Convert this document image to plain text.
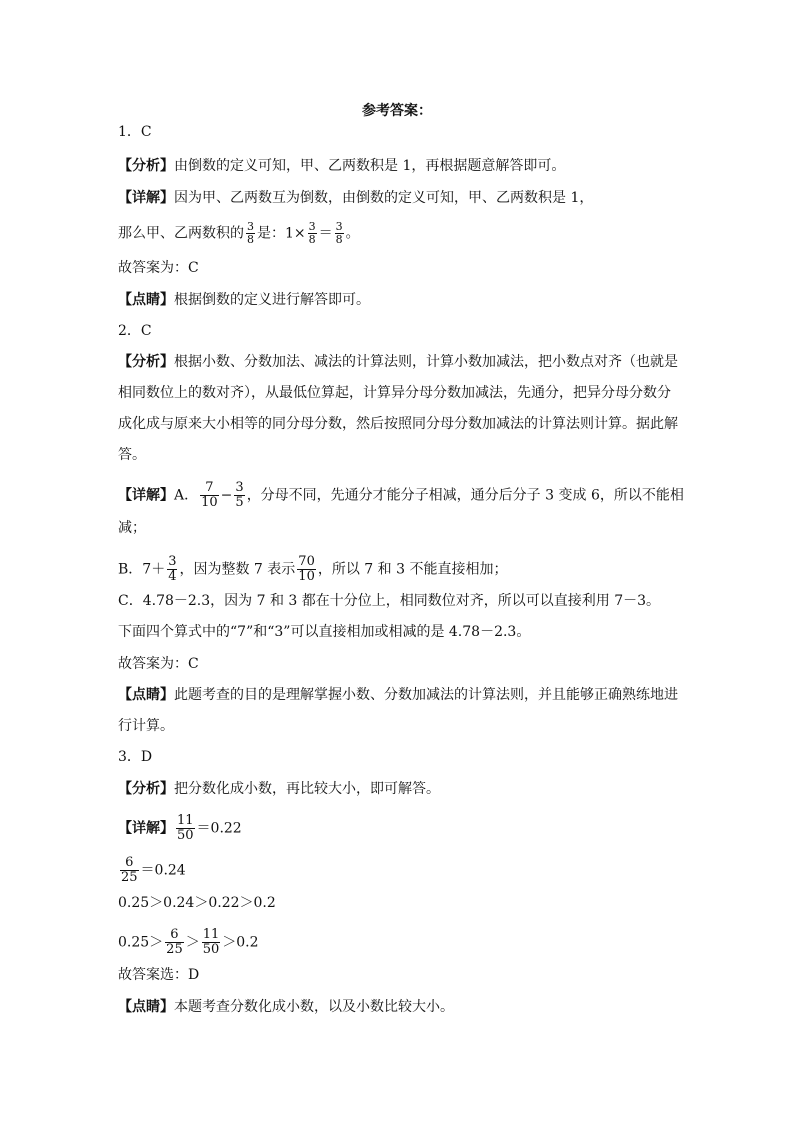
参考答案：
1．C
【分析】由倒数的定义可知，甲、乙两数积是 1，再根据题意解答即可。
【详解】因为甲、乙两数互为倒数，由倒数的定义可知，甲、乙两数积是 1，
那么甲、乙两数积的 $\frac{3}{8}$ 是：$1\times \frac{3}{8} = \frac{3}{8}$ 。
故答案为：C
【点睛】根据倒数的定义进行解答即可。
2．C
【分析】根据小数、分数加法、减法的计算法则，计算小数加减法，把小数点对齐（也就是
相同数位上的数对齐），从最低位算起，计算异分母分数加减法，先通分，把异分母分数分
成化成与原来大小相等的同分母分数，然后按照同分母分数加减法的计算法则计算。据此解
答。
【详解】A． $\frac{7}{10} - \frac{3}{5}$ ，分母不同，先通分才能分子相减，通分后分子 3 变成 6，所以不能相
减；
B．$7+ \frac{3}{4}$ ，因为整数 7 表示 $\frac{70}{10}$ ，所以 7 和 3 不能直接相加；
C．4.78－2.3，因为 7 和 3 都在十分位上，相同数位对齐，所以可以直接利用 7－3。
下面四个算式中的“7”和“3”可以直接相加或相减的是 4.78－2.3。
故答案为：C
【点睛】此题考查的目的是理解掌握小数、分数加减法的计算法则，并且能够正确熟练地进
行计算。
3．D
【分析】把分数化成小数，再比较大小，即可解答。
【详解】 $\frac{11}{50} =0.22$
$\frac{6}{25} =0.24$
0.25＞0.24＞0.22＞0.2
$0.25> \frac{6}{25} > \frac{11}{50} >0.2$
故答案选：D
【点睛】本题考查分数化成小数，以及小数比较大小。
